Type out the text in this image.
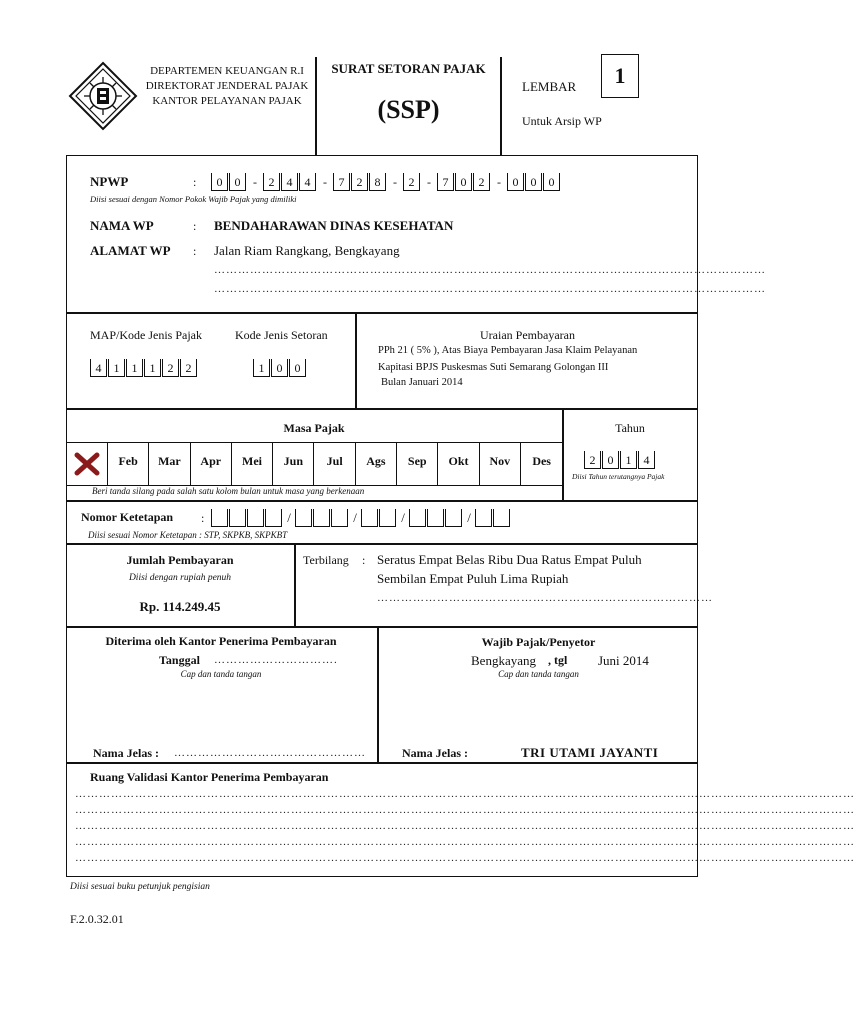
DEPARTEMEN KEUANGAN R.I
DIREKTORAT JENDERAL PAJAK
KANTOR PELAYANAN PAJAK
SURAT SETORAN PAJAK
(SSP)
LEMBAR	1
Untuk Arsip WP
NPWP	:	0	0	- 2	4	4	- 7	2	8	- 2	- 7	0	2	- 0	0	0
Diisi sesuai dengan Nomor Pokok Wajib Pajak yang dimiliki
NAMA WP	: BENDAHARAWAN DINAS KESEHATAN
ALAMAT WP : Jalan Riam Rangkang, Bengkayang
…………………………………………………………………………………………………………………………
…………………………………………………………………………………………………………………………
MAP/Kode Jenis Pajak
4	1	1	1	2	2
Kode Jenis Setoran
1	0	0
Uraian Pembayaran
PPh 21 ( 5% ), Atas Biaya Pembayaran Jasa Klaim Pelayanan
Kapitasi BPJS Puskesmas Suti Semarang Golongan III
Bulan Januari 2014
Masa Pajak	Tahun
Feb	Mar	Apr	Mei	Jun	Jul	Ags	Sep	Okt	Nov	Des
Beri tanda silang pada salah satu kolom bulan untuk masa yang berkenaan
2	0	1	4
Diisi Tahun terutangnya Pajak
Nomor Ketetapan :	/	/	/	/
Diisi sesuai Nomor Ketetapan : STP, SKPKB, SKPKBT
Jumlah Pembayaran
Diisi dengan rupiah penuh
Rp. 114.249.45
Terbilang : Seratus Empat Belas Ribu Dua Ratus Empat Puluh
Sembilan Empat Puluh Lima Rupiah
…………………………………………………………………………
Diterima oleh Kantor Penerima Pembayaran
Tanggal ………………………….
Cap dan tanda tangan
Nama Jelas : …………………………………………
Wajib Pajak/Penyetor
Bengkayang , tgl Juni 2014
Cap dan tanda tangan
Nama Jelas :	TRI UTAMI JAYANTI
Ruang Validasi Kantor Penerima Pembayaran
……………………………………………………………………………………………………………………………………………………………………………
……………………………………………………………………………………………………………………………………………………………………………
……………………………………………………………………………………………………………………………………………………………………………
……………………………………………………………………………………………………………………………………………………………………………
……………………………………………………………………………………………………………………………………………………………………………
Diisi sesuai buku petunjuk pengisian
F.2.0.32.01
